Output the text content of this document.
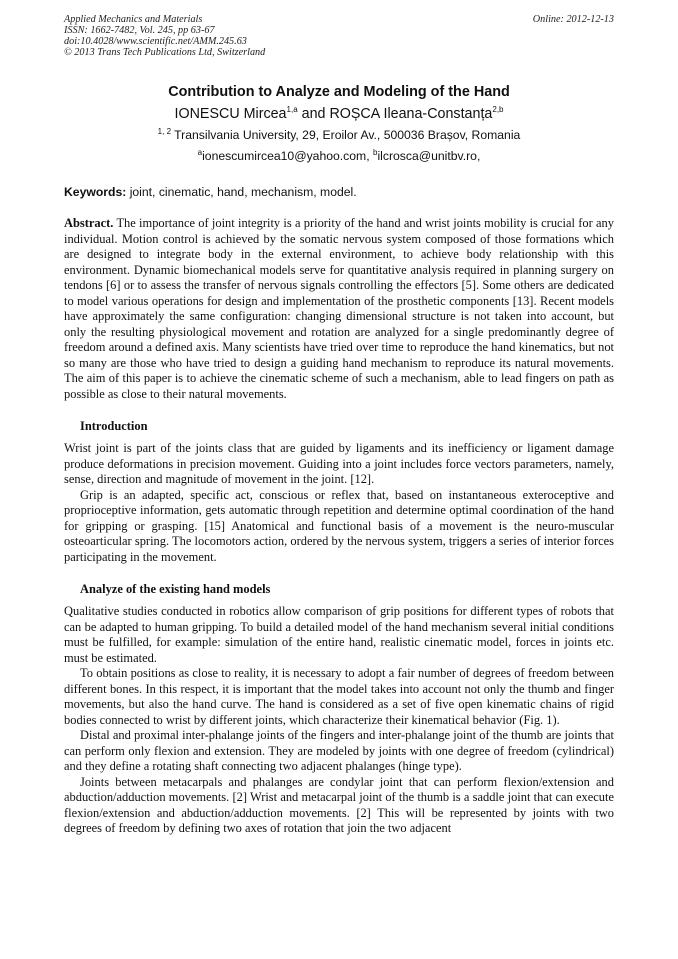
Applied Mechanics and Materials	Online: 2012-12-13
ISSN: 1662-7482, Vol. 245, pp 63-67
doi:10.4028/www.scientific.net/AMM.245.63
© 2013 Trans Tech Publications Ltd, Switzerland
Contribution to Analyze and Modeling of the Hand
IONESCU Mircea$^{1,a}$ and ROȘCA Ileana-Constanța$^{2,b}$
$^{1, 2}$ Transilvania University, 29, Eroilor Av., 500036 Brașov, Romania
$^a$ionescumircea10@yahoo.com, $^b$ilcrosca@unitbv.ro,
Keywords: joint, cinematic, hand, mechanism, model.

Abstract. The importance of joint integrity is a priority of the hand and wrist joints mobility is crucial for any individual. Motion control is achieved by the somatic nervous system composed of those formations which are designed to integrate body in the external environment, to achieve body relationship with this environment. Dynamic biomechanical models serve for quantitative analysis required in planning surgery on tendons [6] or to assess the transfer of nervous signals controlling the effectors [5]. Some others are dedicated to model various operations for design and implementation of the prosthetic components [13]. Recent models have approximately the same configuration: changing dimensional structure is not taken into account, but only the resulting physiological movement and rotation are analyzed for a single predominantly degree of freedom around a defined axis. Many scientists have tried over time to reproduce the hand kinematics, but not so many are those who have tried to design a guiding hand mechanism to reproduce its natural movements. The aim of this paper is to achieve the cinematic scheme of such a mechanism, able to lead fingers on path as possible as close to their natural movements.

Introduction

Wrist joint is part of the joints class that are guided by ligaments and its inefficiency or ligament damage produce deformations in precision movement. Guiding into a joint includes force vectors parameters, namely, sense, direction and magnitude of movement in the joint. [12].

Grip is an adapted, specific act, conscious or reflex that, based on instantaneous exteroceptive and proprioceptive information, gets automatic through repetition and determine optimal coordination of the hand for gripping or grasping. [15] Anatomical and functional basis of a movement is the neuro-muscular osteoarticular spring. The locomotors action, ordered by the nervous system, triggers a series of interior forces participating in the movement.

Analyze of the existing hand models

Qualitative studies conducted in robotics allow comparison of grip positions for different types of robots that can be adapted to human gripping. To build a detailed model of the hand mechanism several initial conditions must be fulfilled, for example: simulation of the entire hand, realistic cinematic model, forces in joints etc. must be estimated.

To obtain positions as close to reality, it is necessary to adopt a fair number of degrees of freedom between different bones. In this respect, it is important that the model takes into account not only the thumb and finger movements, but also the hand curve. The hand is considered as a set of five open kinematic chains of rigid bodies connected to wrist by different joints, which characterize their kinematical behavior (Fig. 1).

Distal and proximal inter-phalange joints of the fingers and inter-phalange joint of the thumb are joints that can perform only flexion and extension. They are modeled by joints with one degree of freedom (cylindrical) and they define a rotating shaft connecting two adjacent phalanges (hinge type).

Joints between metacarpals and phalanges are condylar joint that can perform flexion/extension and abduction/adduction movements. [2] Wrist and metacarpal joint of the thumb is a saddle joint that can execute flexion/extension and abduction/adduction movements. [2] This will be represented by joints with two degrees of freedom by defining two axes of rotation that join the two adjacent
